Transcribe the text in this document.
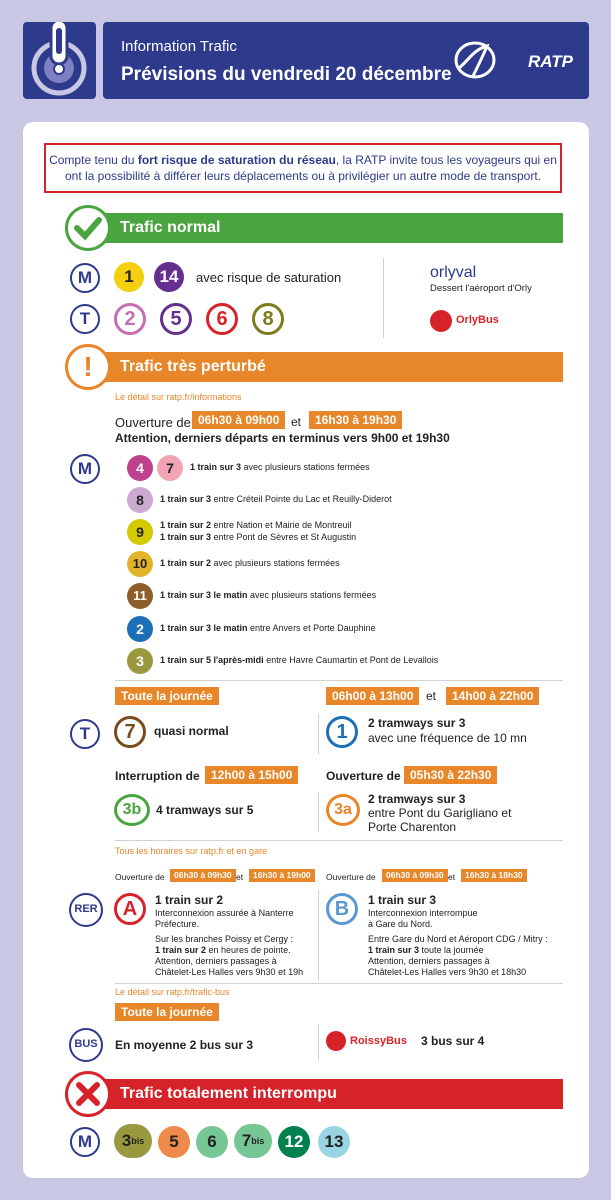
Information Trafic
Prévisions du vendredi 20 décembre
RATP
Compte tenu du fort risque de saturation du réseau, la RATP invite tous les voyageurs qui en ont la possibilité à différer leurs déplacements ou à privilégier un autre mode de transport.
Trafic normal
M	1	14	avec risque de saturation
T	2	5	6	8
orlyval
Dessert l'aéroport d'Orly
OrlyBus
!	Trafic très perturbé
Le détail sur ratp.fr/informations
Ouverture de 06h30 à 09h00 et	16h30 à 19h30
Attention, derniers départs en terminus vers 9h00 et 19h30
M	4	7	1 train sur 3 avec plusieurs stations fermées
8	1 train sur 3 entre Créteil Pointe du Lac et Reuilly-Diderot
9	1 train sur 2 entre Nation et Mairie de Montreuil
1 train sur 3 entre Pont de Sèvres et St Augustin
10	1 train sur 2 avec plusieurs stations fermées
11	1 train sur 3 le matin avec plusieurs stations fermées
2	1 train sur 3 le matin entre Anvers et Porte Dauphine
3	1 train sur 5 l'après-midi entre Havre Caumartin et Pont de Levallois
Toute la journée	06h00 à 13h00	et	14h00 à 22h00
T	7	quasi normal	1	2 tramways sur 3
avec une fréquence de 10 mn
Interruption de 12h00 à 15h00	Ouverture de 05h30 à 22h30
3b	4 tramways sur 5	3a
2 tramways sur 3
entre Pont du Garigliano et
Porte Charenton
Tous les horaires sur ratp.fr et en gare
Ouverture de	06h30 à 09h30 et	16h30 à 19h00	Ouverture de	06h30 à 09h30 et	16h30 à 18h30
RER	A	1 train sur 2
Interconnexion assurée à Nanterre
Préfecture.
Sur les branches Poissy et Cergy :
1 train sur 2 en heures de pointe.
Attention, derniers passages à
Châtelet-Les Halles vers 9h30 et 19h
B	1 train sur 3
Interconnexion interrompue
à Gare du Nord.
Entre Gare du Nord et Aéroport CDG / Mitry :
1 train sur 3 toute la journée
Attention, derniers passages à
Châtelet-Les Halles vers 9h30 et 18h30
Le détail sur ratp.fr/trafic-bus
Toute la journée
BUS	En moyenne 2 bus sur 3	RoissyBus 3 bus sur 4
Trafic totalement interrompu
M	$3^{bis}$	5	6	7bis	12	13
